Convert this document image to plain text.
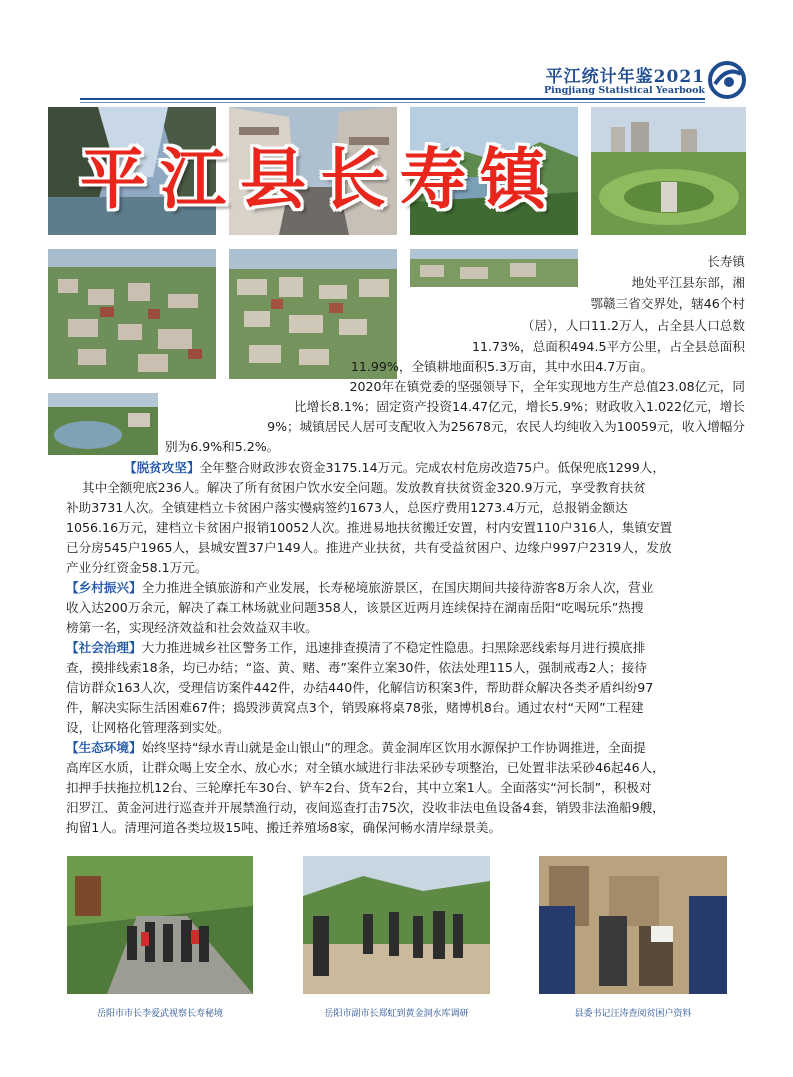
平江统计年鉴2021
Pingjiang Statistical Yearbook
平江县长寿镇
长寿镇
地处平江县东部，湘
鄂赣三省交界处，辖46个村
（居），人口11.2万人，占全县人口总数
11.73%，总面积494.5平方公里，占全县总面积
11.99%，全镇耕地面积5.3万亩，其中水田4.7万亩。
2020年在镇党委的坚强领导下，全年实现地方生产总值23.08亿元，同
比增长8.1%；固定资产投资14.47亿元，增长5.9%；财政收入1.022亿元，增长
9%；城镇居民人居可支配收入为25678元，农民人均纯收入为10059元，收入增幅分
别为6.9%和5.2%。
【脱贫攻坚】全年整合财政涉农资金3175.14万元。完成农村危房改造75户。低保兜底1299人，
其中全额兜底236人。解决了所有贫困户饮水安全问题。发放教育扶贫资金320.9万元，享受教育扶贫
补助3731人次。全镇建档立卡贫困户落实慢病签约1673人，总医疗费用1273.4万元，总报销金额达
1056.16万元，建档立卡贫困户报销10052人次。推进易地扶贫搬迁安置，村内安置110户316人，集镇安置
已分房545户1965人，县城安置37户149人。推进产业扶贫，共有受益贫困户、边缘户997户2319人，发放
产业分红资金58.1万元。
【乡村振兴】全力推进全镇旅游和产业发展，长寿秘境旅游景区，在国庆期间共接待游客8万余人次，营业
收入达200万余元，解决了森工林场就业问题358人，该景区近两月连续保持在湖南岳阳“吃喝玩乐”热搜
榜第一名，实现经济效益和社会效益双丰收。
【社会治理】大力推进城乡社区警务工作，迅速排查摸清了不稳定性隐患。扫黑除恶线索每月进行摸底排
查，摸排线索18条，均已办结；“盗、黄、赌、毒”案件立案30件，依法处理115人，强制戒毒2人；接待
信访群众163人次，受理信访案件442件，办结440件，化解信访积案3件，帮助群众解决各类矛盾纠纷97
件，解决实际生活困难67件；捣毁涉黄窝点3个，销毁麻将桌78张，赌博机8台。通过农村“天网”工程建
设，让网格化管理落到实处。
【生态环境】始终坚持“绿水青山就是金山银山”的理念。黄金洞库区饮用水源保护工作协调推进，全面提
高库区水质，让群众喝上安全水、放心水；对全镇水域进行非法采砂专项整治，已处置非法采砂46起46人，
扣押手扶拖拉机12台、三轮摩托车30台、铲车2台、货车2台，其中立案1人。全面落实“河长制”，积极对
汨罗江、黄金河进行巡查并开展禁渔行动，夜间巡查打击75次，没收非法电鱼设备4套，销毁非法渔船9艘，
拘留1人。清理河道各类垃圾15吨、搬迁养殖场8家，确保河畅水清岸绿景美。
岳阳市市长李爱武视察长寿秘境	岳阳市副市长郑虹到黄金洞水库调研	县委书记汪涛查阅贫困户资料
